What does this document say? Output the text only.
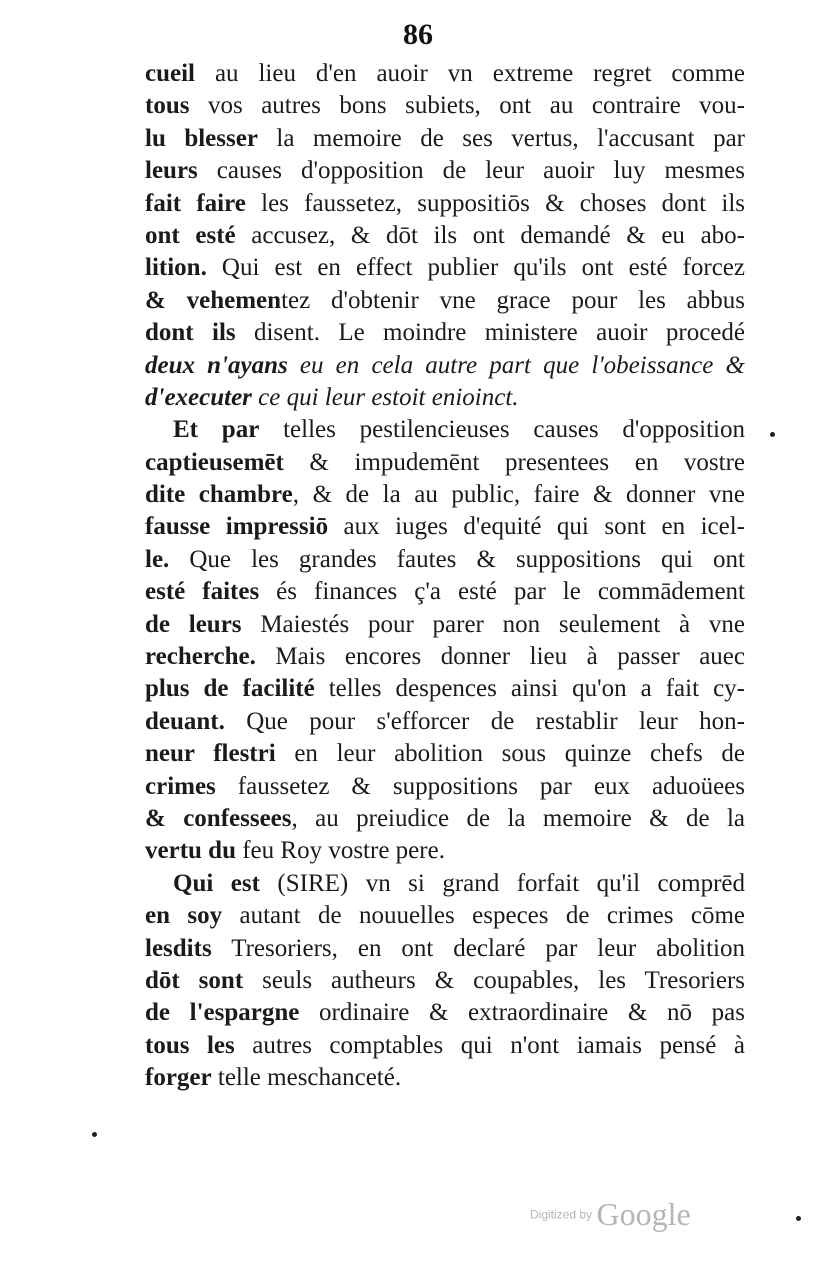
86
cueil au lieu d'en auoir vn extreme regret comme
tous vos autres bons subiets, ont au contraire vou-
lu blesser la memoire de ses vertus, l'accusant par
leurs causes d'opposition de leur auoir luy mesmes
fait faire les faussetez, suppositiōs & choses dont ils
ont esté accusez, & dōt ils ont demandé & eu abo-
lition. Qui est en effect publier qu'ils ont esté forcez
& vehementez d'obtenir vne grace pour les abbus
dont ils disent. Le moindre ministere auoir procedé
deux n'ayans eu en cela autre part que l'obeissance &
d'executer ce qui leur estoit enioinct.
Et par telles pestilencieuses causes d'opposition
captieusemēt & impudemēnt presentees en vostre
dite chambre, & de la au public, faire & donner vne
fausse impressiō aux iuges d'equité qui sont en icel-
le. Que les grandes fautes & suppositions qui ont
esté faites és finances ç'a esté par le commādement
de leurs Maiestés pour parer non seulement à vne
recherche. Mais encores donner lieu à passer auec
plus de facilité telles despences ainsi qu'on a fait cy-
deuant. Que pour s'efforcer de restablir leur hon-
neur flestri en leur abolition sous quinze chefs de
crimes faussetez & suppositions par eux aduoüees
& confessees, au preiudice de la memoire & de la
vertu du feu Roy vostre pere.
Qui est (SIRE) vn si grand forfait qu'il comprēd
en soy autant de nouuelles especes de crimes cōme
lesdits Tresoriers, en ont declaré par leur abolition
dōt sont seuls autheurs & coupables, les Tresoriers
de l'espargne ordinaire & extraordinaire & nō pas
tous les autres comptables qui n'ont iamais pensé à
forger telle meschanceté.
Digitized by Google
